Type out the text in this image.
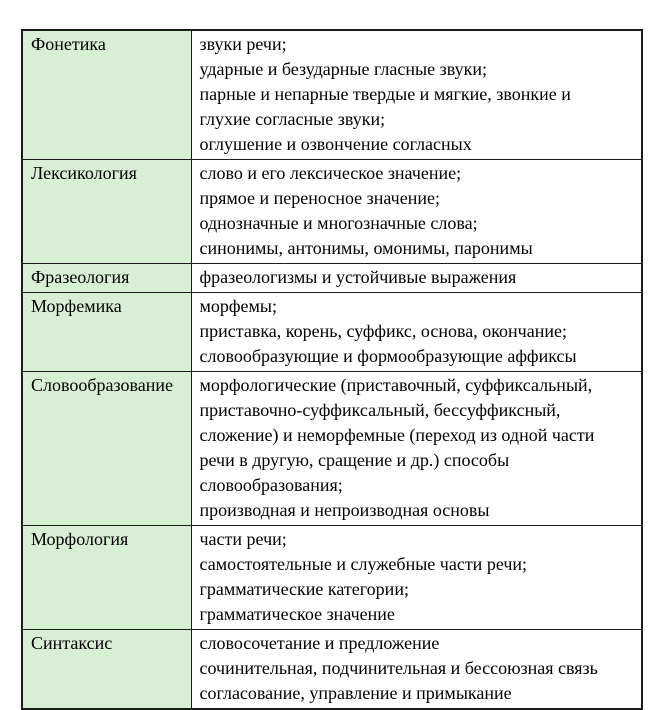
Фонетика	звуки речи;
ударные и безударные гласные звуки;
парные и непарные твердые и мягкие, звонкие и
глухие согласные звуки;
оглушение и озвончение согласных

Лексикология	слово и его лексическое значение;
прямое и переносное значение;
однозначные и многозначные слова;
синонимы, антонимы, омонимы, паронимы

Фразеология	фразеологизмы и устойчивые выражения

Морфемика	морфемы;
приставка, корень, суффикс, основа, окончание;
словообразующие и формообразующие аффиксы

Словообразование	морфологические (приставочный, суффиксальный,
приставочно-суффиксальный, бессуффиксный,
сложение) и неморфемные (переход из одной части
речи в другую, сращение и др.) способы
словообразования;
производная и непроизводная основы

Морфология	части речи;
самостоятельные и служебные части речи;
грамматические категории;
грамматическое значение

Синтаксис	словосочетание и предложение
сочинительная, подчинительная и бессоюзная связь
согласование, управление и примыкание
